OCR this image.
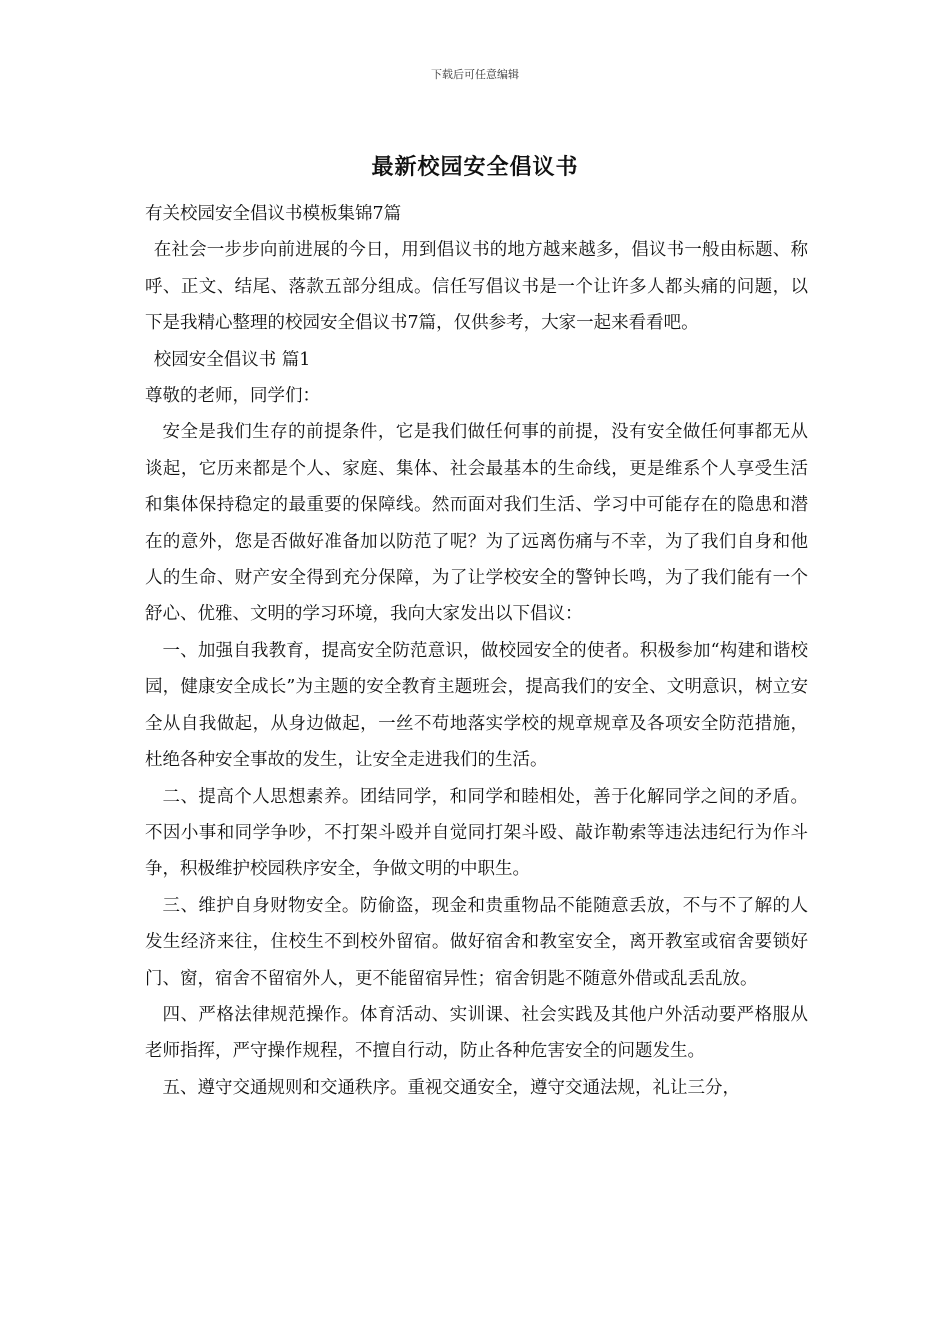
下载后可任意编辑
最新校园安全倡议书

有关校园安全倡议书模板集锦7篇

在社会一步步向前进展的今日，用到倡议书的地方越来越多，倡议书一般由标题、称呼、正文、结尾、落款五部分组成。信任写倡议书是一个让许多人都头痛的问题，以下是我精心整理的校园安全倡议书7篇，仅供参考，大家一起来看看吧。

校园安全倡议书 篇1

尊敬的老师，同学们：

安全是我们生存的前提条件，它是我们做任何事的前提，没有安全做任何事都无从谈起，它历来都是个人、家庭、集体、社会最基本的生命线，更是维系个人享受生活和集体保持稳定的最重要的保障线。然而面对我们生活、学习中可能存在的隐患和潜在的意外，您是否做好准备加以防范了呢？为了远离伤痛与不幸，为了我们自身和他人的生命、财产安全得到充分保障，为了让学校安全的警钟长鸣，为了我们能有一个舒心、优雅、文明的学习环境，我向大家发出以下倡议：

一、加强自我教育，提高安全防范意识，做校园安全的使者。积极参加“构建和谐校园，健康安全成长”为主题的安全教育主题班会，提高我们的安全、文明意识，树立安全从自我做起，从身边做起，一丝不苟地落实学校的规章规章及各项安全防范措施，杜绝各种安全事故的发生，让安全走进我们的生活。

二、提高个人思想素养。团结同学，和同学和睦相处，善于化解同学之间的矛盾。不因小事和同学争吵，不打架斗殴并自觉同打架斗殴、敲诈勒索等违法违纪行为作斗争，积极维护校园秩序安全，争做文明的中职生。

三、维护自身财物安全。防偷盗，现金和贵重物品不能随意丢放，不与不了解的人发生经济来往，住校生不到校外留宿。做好宿舍和教室安全，离开教室或宿舍要锁好门、窗，宿舍不留宿外人，更不能留宿异性；宿舍钥匙不随意外借或乱丢乱放。

四、严格法律规范操作。体育活动、实训课、社会实践及其他户外活动要严格服从老师指挥，严守操作规程，不擅自行动，防止各种危害安全的问题发生。

五、遵守交通规则和交通秩序。重视交通安全，遵守交通法规，礼让三分，
